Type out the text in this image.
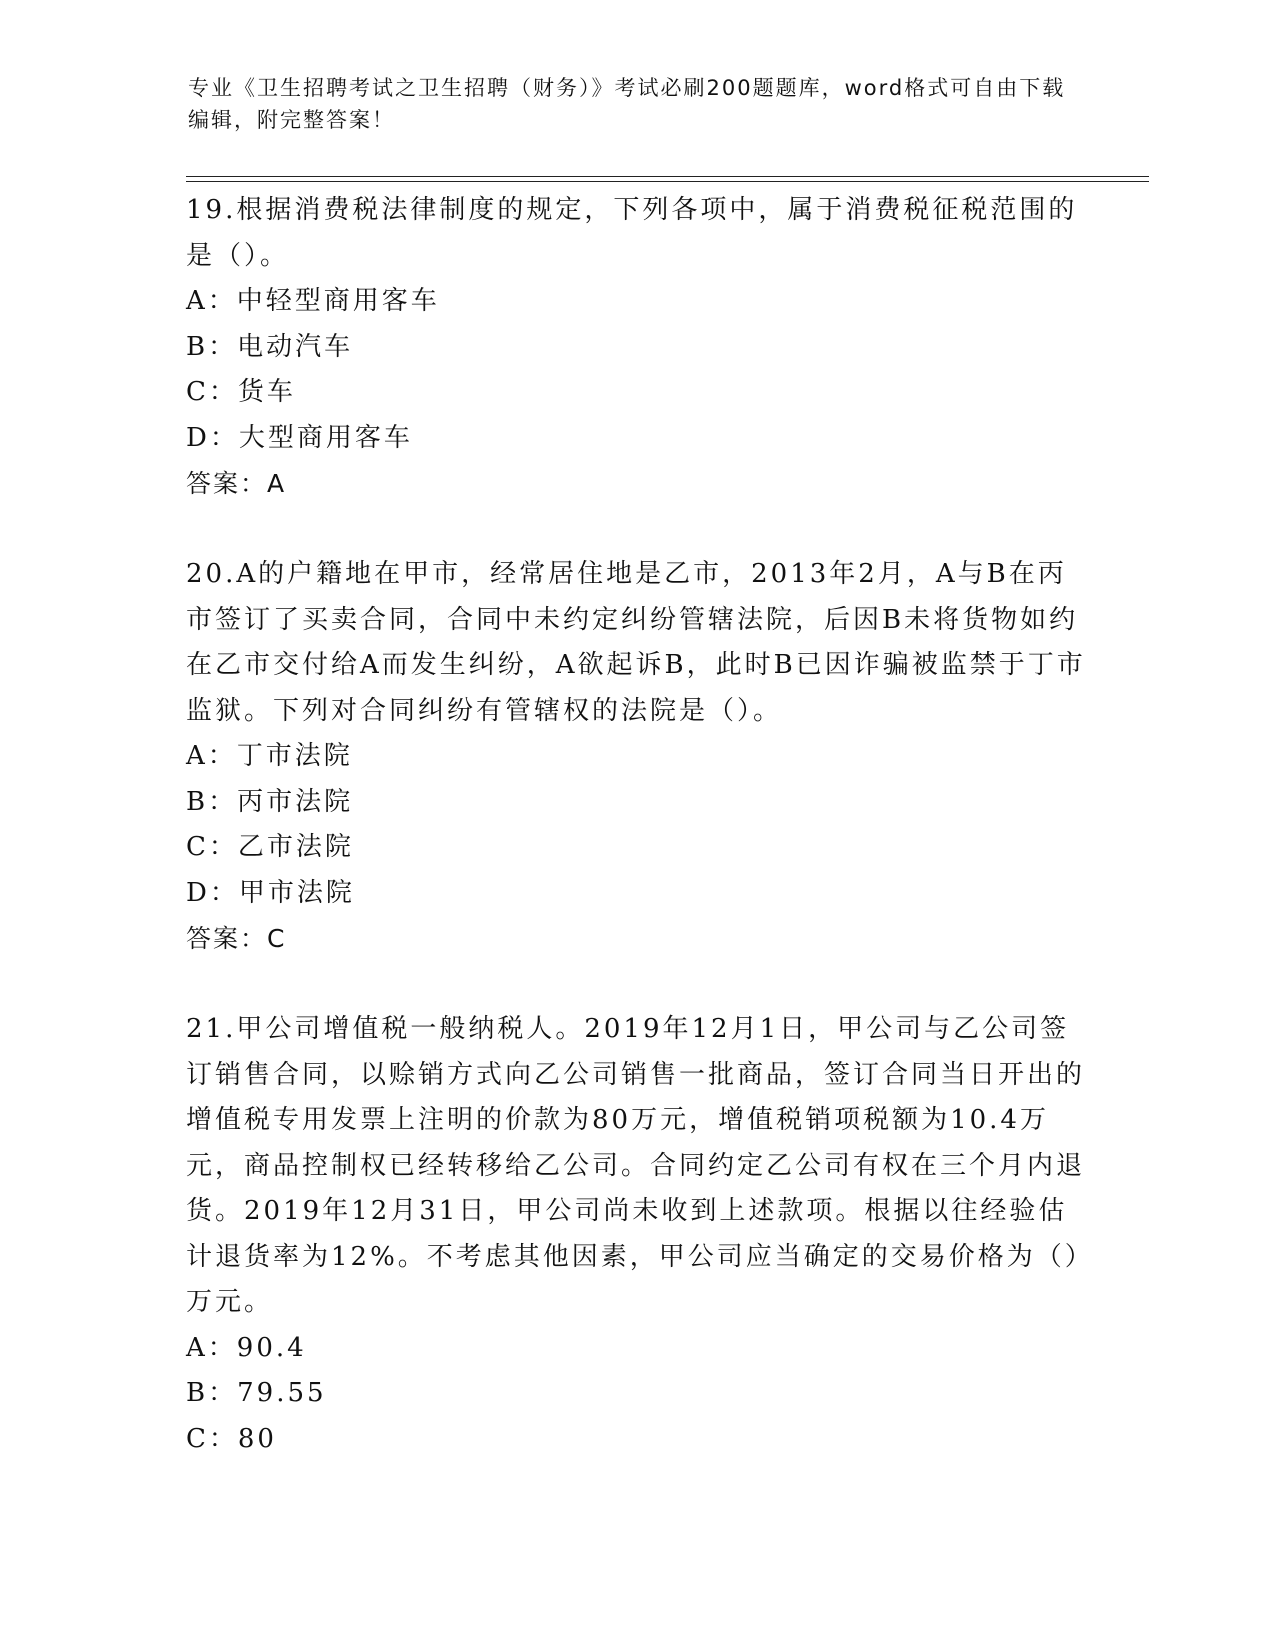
专业《卫生招聘考试之卫生招聘（财务）》考试必刷200题题库，word格式可自由下载编辑，附完整答案！
19.根据消费税法律制度的规定，下列各项中，属于消费税征税范围的是（）。
A：中轻型商用客车
B：电动汽车
C：货车
D：大型商用客车
答案：A
20.A的户籍地在甲市，经常居住地是乙市，2013年2月，A与B在丙市签订了买卖合同，合同中未约定纠纷管辖法院，后因B未将货物如约在乙市交付给A而发生纠纷，A欲起诉B，此时B已因诈骗被监禁于丁市监狱。下列对合同纠纷有管辖权的法院是（）。
A：丁市法院
B：丙市法院
C：乙市法院
D：甲市法院
答案：C
21.甲公司增值税一般纳税人。2019年12月1日，甲公司与乙公司签订销售合同，以赊销方式向乙公司销售一批商品，签订合同当日开出的增值税专用发票上注明的价款为80万元，增值税销项税额为10.4万元，商品控制权已经转移给乙公司。合同约定乙公司有权在三个月内退货。2019年12月31日，甲公司尚未收到上述款项。根据以往经验估计退货率为12%。不考虑其他因素，甲公司应当确定的交易价格为（）万元。
A：90.4
B：79.55
C：80
